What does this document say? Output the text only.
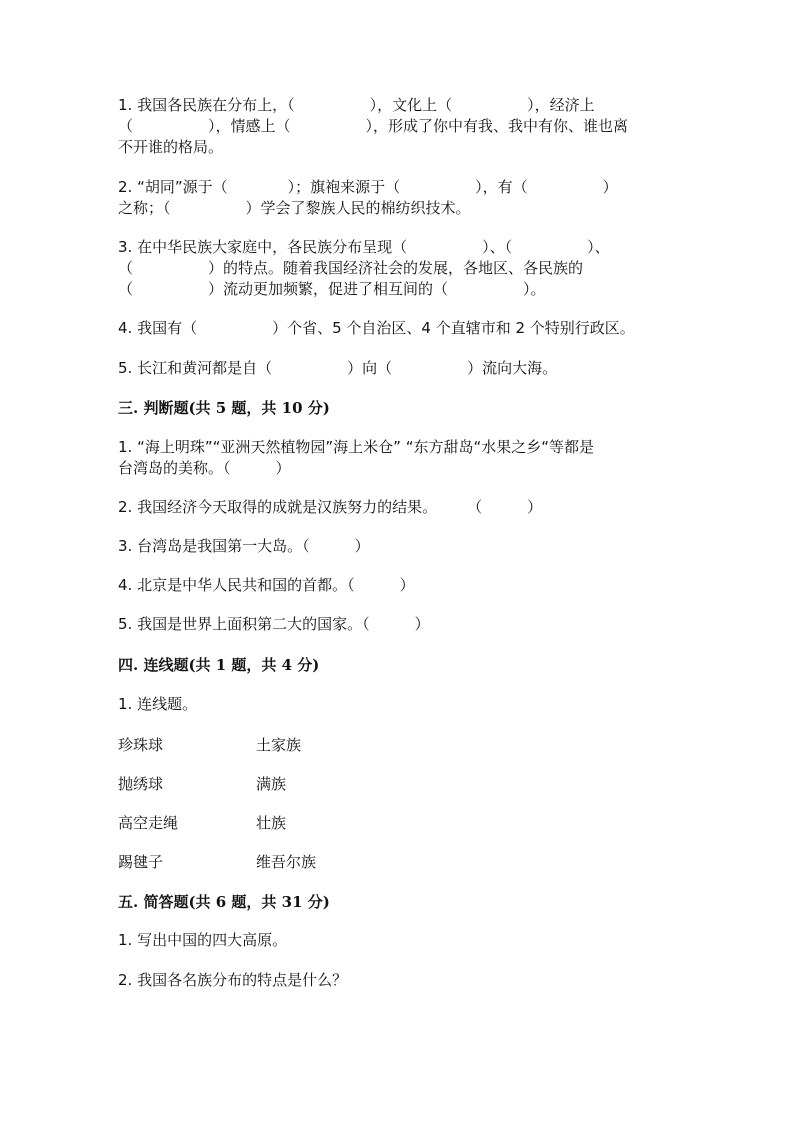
1. 我国各民族在分布上，（　　　　　），文化上（　　　　　），经济上
（　　　　　），情感上（　　　　　），形成了你中有我、我中有你、谁也离
不开谁的格局。
2. “胡同”源于（　　　　）；旗袍来源于（　　　　　），有（　　　　　）
之称；（　　　　　）学会了黎族人民的棉纺织技术。
3. 在中华民族大家庭中，各民族分布呈现（　　　　　）、（　　　　　）、
（　　　　　）的特点。随着我国经济社会的发展，各地区、各民族的
（　　　　　）流动更加频繁，促进了相互间的（　　　　　）。
4. 我国有（　　　　　）个省、5 个自治区、4 个直辖市和 2 个特别行政区。
5. 长江和黄河都是自（　　　　　）向（　　　　　）流向大海。
三. 判断题(共 5 题，共 10 分)
1. “海上明珠”“亚洲天然植物园”海上米仓” “东方甜岛“水果之乡“等都是
台湾岛的美称。（　　　）
2. 我国经济今天取得的成就是汉族努力的结果。　　　（　　　）
3. 台湾岛是我国第一大岛。（　　　）
4. 北京是中华人民共和国的首都。（　　　）
5. 我国是世界上面积第二大的国家。（　　　）
四. 连线题(共 1 题，共 4 分)
1. 连线题。
珍珠球	土家族
抛绣球	满族
高空走绳	壮族
踢毽子	维吾尔族
五. 简答题(共 6 题，共 31 分)
1. 写出中国的四大高原。
2. 我国各名族分布的特点是什么？
